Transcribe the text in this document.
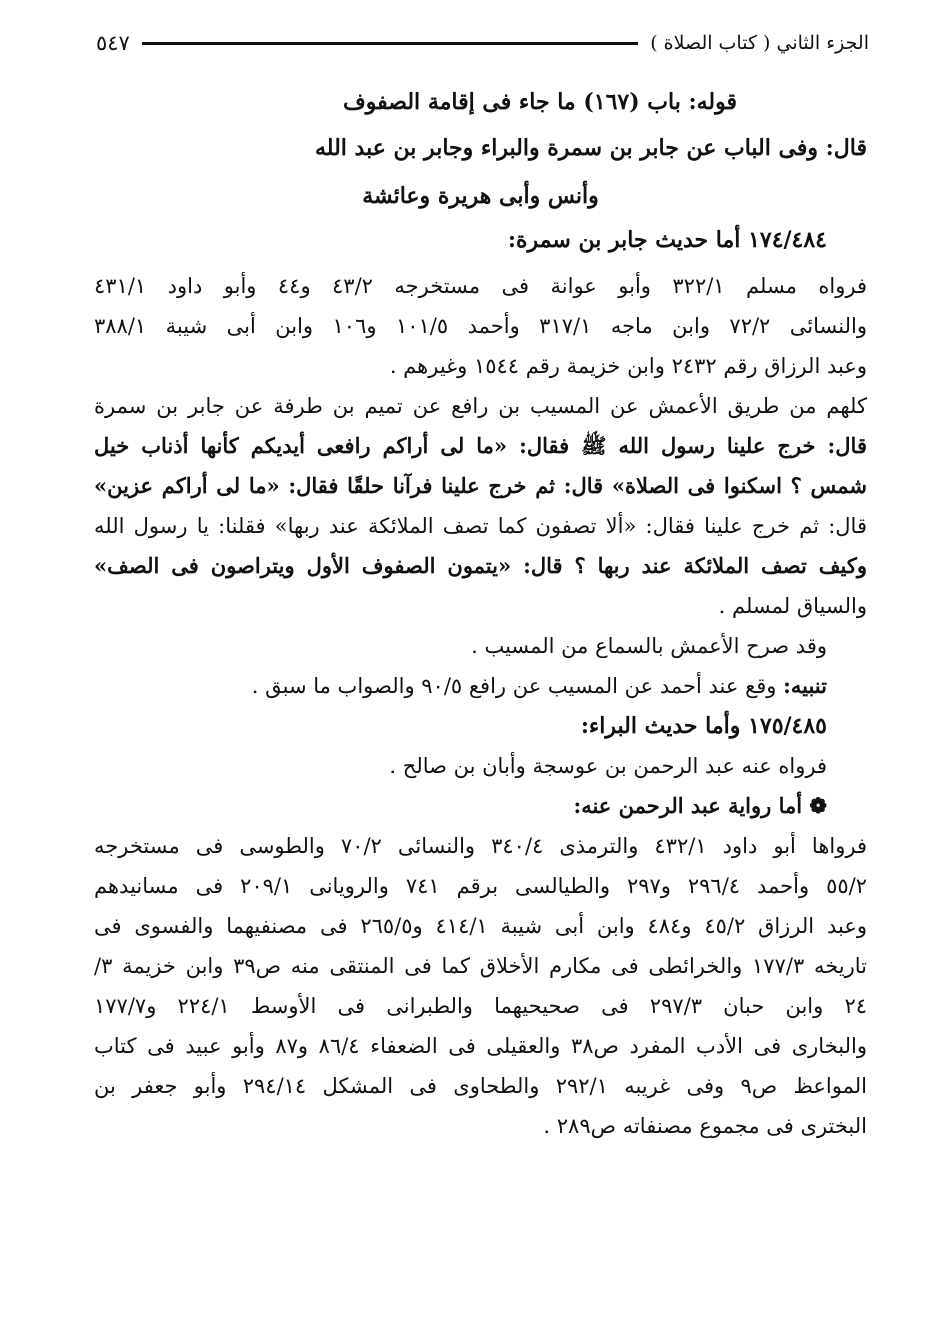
الجزء الثاني ( كتاب الصلاة )
٥٤٧
قوله: باب (١٦٧) ما جاء فى إقامة الصفوف
قال: وفى الباب عن جابر بن سمرة والبراء وجابر بن عبد الله
وأنس وأبى هريرة وعائشة
١٧٤/٤٨٤ أما حديث جابر بن سمرة:
فرواه مسلم ٣٢٢/١ وأبو عوانة فى مستخرجه ٤٣/٢ و٤٤ وأبو داود ٤٣١/١
والنسائى ٧٢/٢ وابن ماجه ٣١٧/١ وأحمد ١٠١/٥ و١٠٦ وابن أبى شيبة ٣٨٨/١
وعبد الرزاق رقم ٢٤٣٢ وابن خزيمة رقم ١٥٤٤ وغيرهم .
كلهم من طريق الأعمش عن المسيب بن رافع عن تميم بن طرفة عن جابر بن سمرة
قال: خرج علينا رسول الله ﷺ فقال: «ما لى أراكم رافعى أيديكم كأنها أذناب خيل
شمس ؟ اسكنوا فى الصلاة» قال: ثم خرج علينا فرآنا حلقًا فقال: «ما لى أراكم عزين»
قال: ثم خرج علينا فقال: «ألا تصفون كما تصف الملائكة عند ربها» فقلنا: يا رسول الله
وكيف تصف الملائكة عند ربها ؟ قال: «يتمون الصفوف الأول ويتراصون فى الصف»
والسياق لمسلم .
وقد صرح الأعمش بالسماع من المسيب .
تنبيه: وقع عند أحمد عن المسيب عن رافع ٩٠/٥ والصواب ما سبق .
١٧٥/٤٨٥ وأما حديث البراء:
فرواه عنه عبد الرحمن بن عوسجة وأبان بن صالح .
❁ أما رواية عبد الرحمن عنه:
فرواها أبو داود ٤٣٢/١ والترمذى ٣٤٠/٤ والنسائى ٧٠/٢ والطوسى فى مستخرجه
٥٥/٢ وأحمد ٢٩٦/٤ و٢٩٧ والطيالسى برقم ٧٤١ والرويانى ٢٠٩/١ فى مسانيدهم
وعبد الرزاق ٤٥/٢ و٤٨٤ وابن أبى شيبة ٤١٤/١ و٢٦٥/٥ فى مصنفيهما والفسوى فى
تاريخه ١٧٧/٣ والخرائطى فى مكارم الأخلاق كما فى المنتقى منه ص٣٩ وابن خزيمة ٣/
٢٤ وابن حبان ٢٩٧/٣ فى صحيحيهما والطبرانى فى الأوسط ٢٢٤/١ و١٧٧/٧
والبخارى فى الأدب المفرد ص٣٨ والعقيلى فى الضعفاء ٨٦/٤ و٨٧ وأبو عبيد فى كتاب
المواعظ ص٩ وفى غريبه ٢٩٢/١ والطحاوى فى المشكل ٢٩٤/١٤ وأبو جعفر بن
البخترى فى مجموع مصنفاته ص٢٨٩ .
